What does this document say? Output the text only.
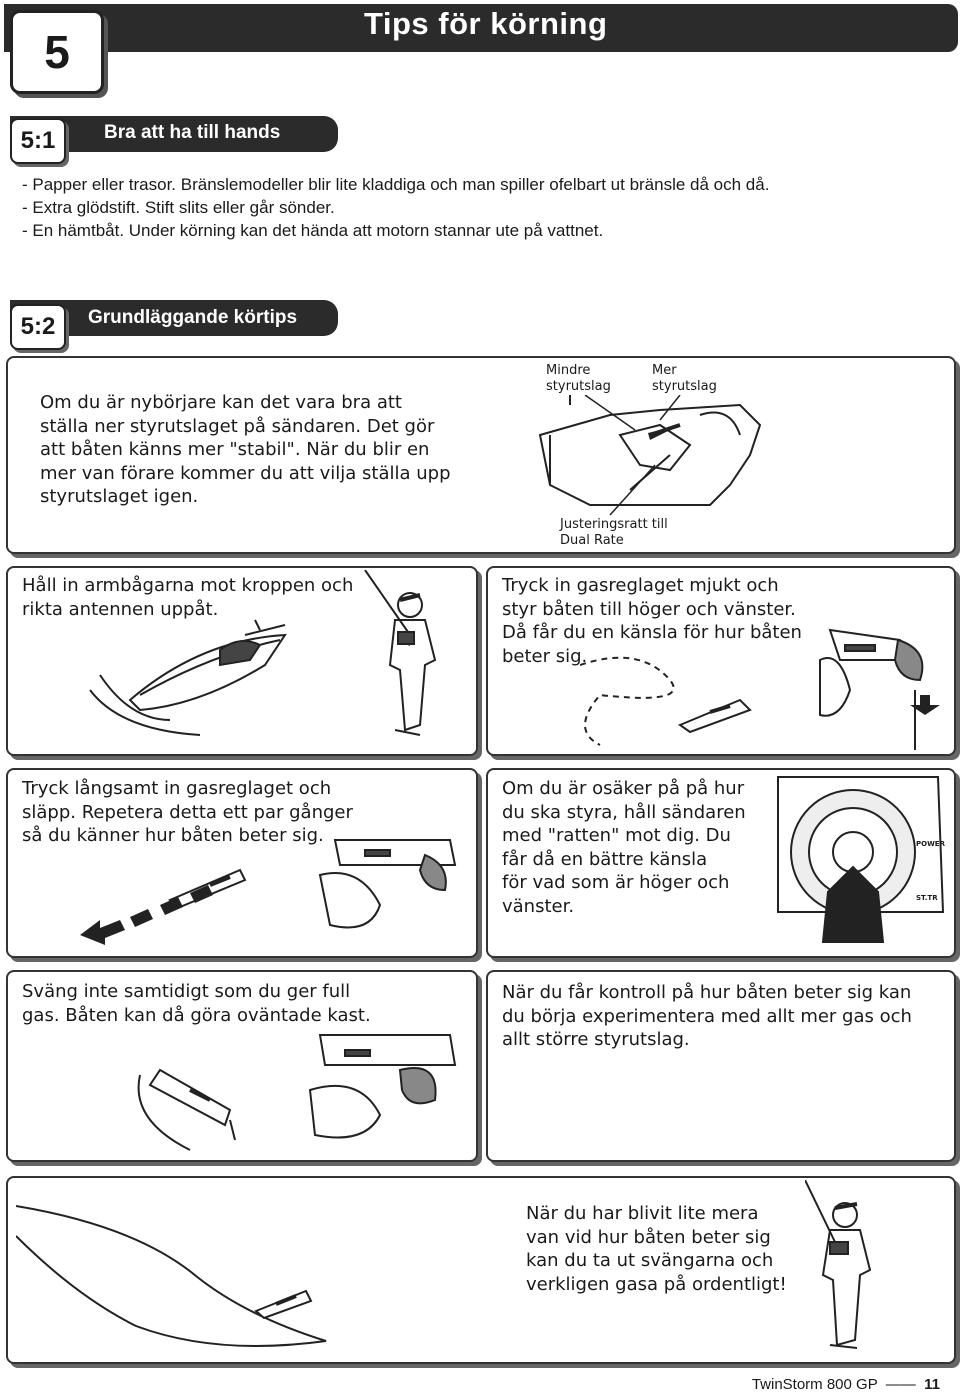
5
Tips för körning
5:1	Bra att ha till hands

- Papper eller trasor. Bränslemodeller blir lite kladdiga och man spiller ofelbart ut bränsle då och då.

- Extra glödstift. Stift slits eller går sönder.

- En hämtbåt. Under körning kan det hända att motorn stannar ute på vattnet.

5:2	Grundläggande körtips
Om du är nybörjare kan det vara bra att
ställa ner styrutslaget på sändaren. Det gör
att båten känns mer "stabil". När du blir en
mer van förare kommer du att vilja ställa upp
styrutslaget igen.
Mindre
styrutslag
Mer
styrutslag
Justeringsratt till
Dual Rate
Håll in armbågarna mot kroppen och
rikta antennen uppåt.
Tryck in gasreglaget mjukt och
styr båten till höger och vänster.
Då får du en känsla för hur båten
beter sig.
Tryck långsamt in gasreglaget och
släpp. Repetera detta ett par gånger
så du känner hur båten beter sig.
Om du är osäker på på hur
du ska styra, håll sändaren
med "ratten" mot dig. Du
får då en bättre känsla
för vad som är höger och
vänster.
POWER
ST.TR
Sväng inte samtidigt som du ger full
gas. Båten kan då göra oväntade kast.
När du får kontroll på hur båten beter sig kan
du börja experimentera med allt mer gas och
allt större styrutslag.
När du har blivit lite mera
van vid hur båten beter sig
kan du ta ut svängarna och
verkligen gasa på ordentligt!
TwinStorm 800 GP  ——  11
